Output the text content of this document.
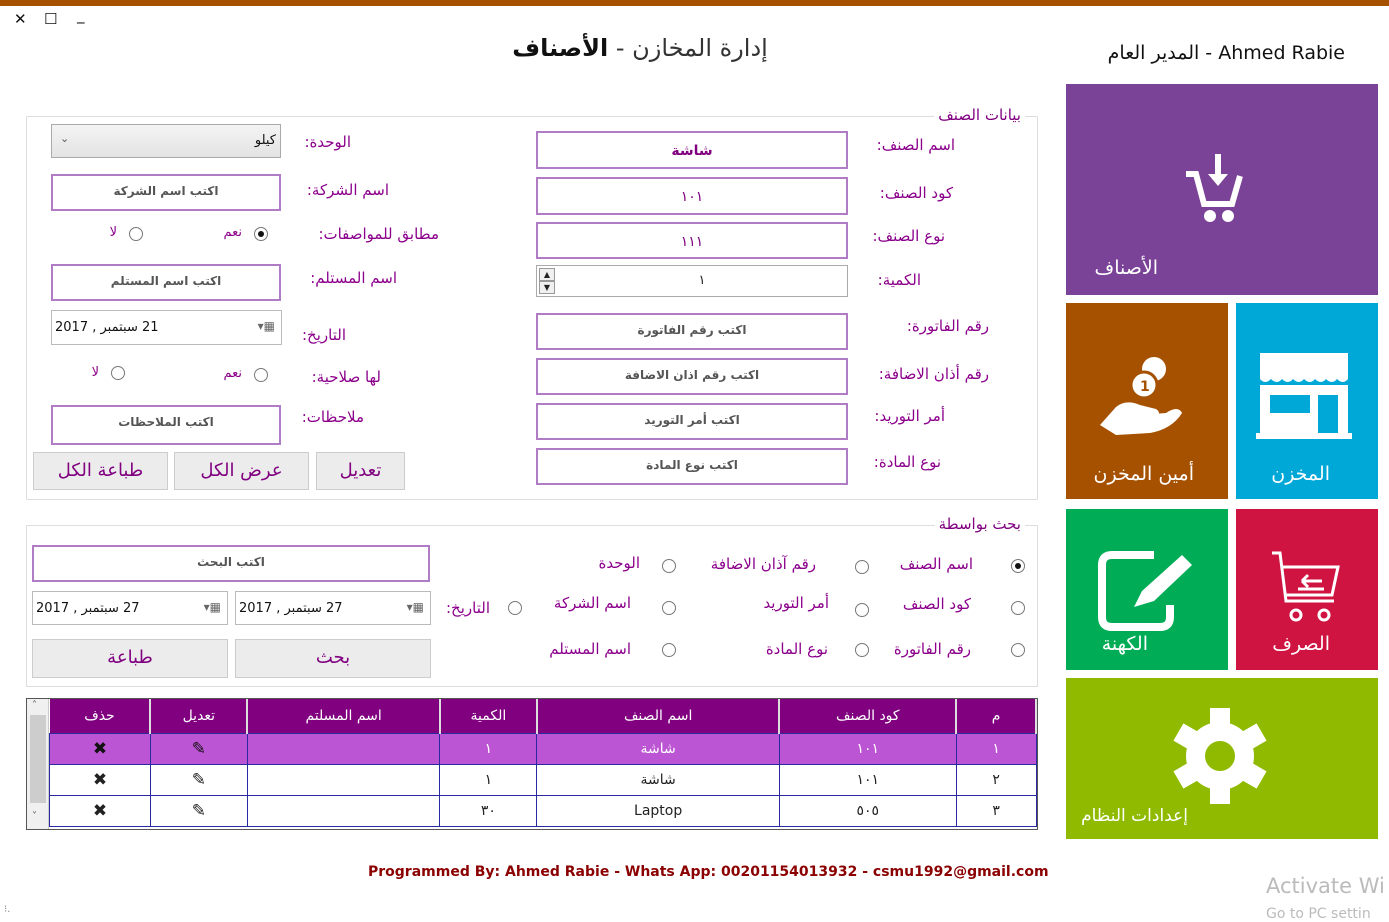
✕ ☐ _
إدارة المخازن - الأصناف	Ahmed Rabie - المدير العام
بيانات الصنف
اسم الصنف:
شاشة
كود الصنف:
١٠١
نوع الصنف:
١١١
الكمية:
▲
▼	١
رقم الفاتورة:
اكتب رقم الفاتورة
رقم أذان الاضافة:
اكتب رقم اذان الاضافة
أمر التوريد:
اكتب أمر التوريد
نوع المادة:
اكتب نوع المادة
الوحدة:
كيلو
⌄
اسم الشركة:
اكتب اسم الشركة
مطابق للمواصفات:
نعم
لا
اسم المستلم:
اكتب اسم المستلم
التاريخ:
21 سبتمبر , 2017	▦▾
لها صلاحية:
نعم
لا
ملاحظات:
اكتب الملاحظات
تعديل
عرض الكل
طباعة الكل
بحث بواسطة
اسم الصنف
رقم آذان الاضافة
الوحدة
كود الصنف
أمر التوريد
اسم الشركة
رقم الفاتورة
نوع المادة
اسم المستلم
التاريخ:
اكتب البحث
27 سبتمبر , 2017	▦▾
27 سبتمبر , 2017	▦▾
بحث
طباعة
˄
˅
م	كود الصنف	اسم الصنف	الكمية	اسم المسلتم	تعديل	حذف
١	١٠١	شاشة	١		✎	✖
٢	١٠١	شاشة	١		✎	✖
٣	٥٠٥	Laptop	٣٠		✎	✖
الأصناف
المخزن
1
أمين المخزن
الصرف
الكهنة
إعدادات النظام
Programmed By: Ahmed Rabie - Whats App: 00201154013932 - csmu1992@gmail.com
Activate Wi
Go to PC settin
⁝.
